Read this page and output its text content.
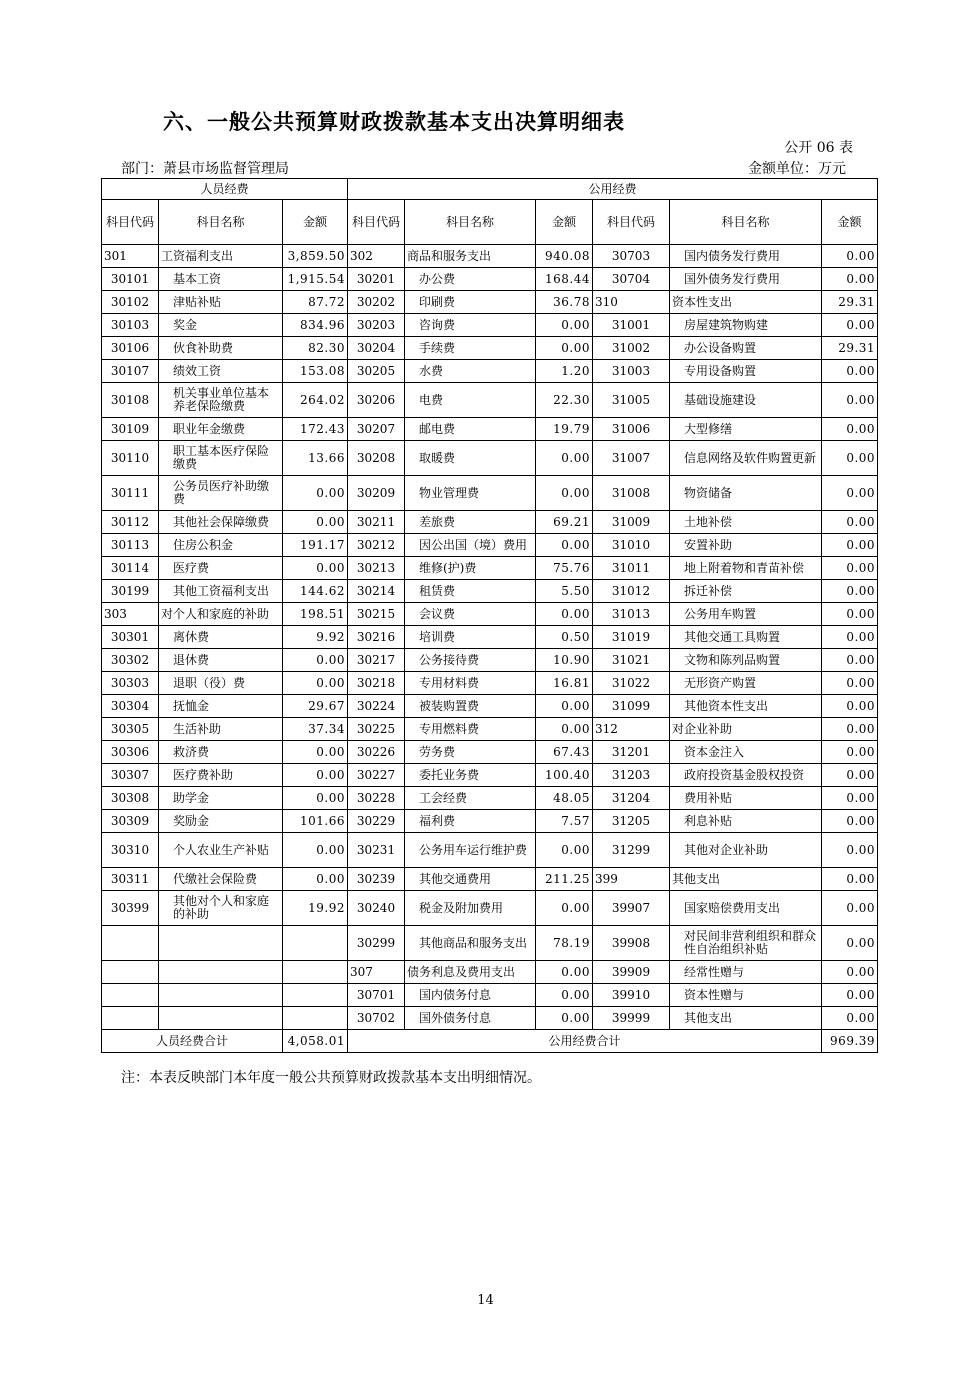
六、一般公共预算财政拨款基本支出决算明细表
公开 06 表
部门：萧县市场监督管理局	金额单位：万元
人员经费			公用经费					
科目代码	科目名称	金额	科目代码	科目名称	金额	科目代码	科目名称	金额
301	工资福利支出	3,859.50	302	商品和服务支出	940.08	30703	国内债务发行费用	0.00
30101	基本工资	1,915.54	30201	办公费	168.44	30704	国外债务发行费用	0.00
30102	津贴补贴	87.72	30202	印刷费	36.78	310	资本性支出	29.31
30103	奖金	834.96	30203	咨询费	0.00	31001	房屋建筑物购建	0.00
30106	伙食补助费	82.30	30204	手续费	0.00	31002	办公设备购置	29.31
30107	绩效工资	153.08	30205	水费	1.20	31003	专用设备购置	0.00
30108	机关事业单位基本养老保险缴费	264.02	30206	电费	22.30	31005	基础设施建设	0.00
30109	职业年金缴费	172.43	30207	邮电费	19.79	31006	大型修缮	0.00
30110	职工基本医疗保险缴费	13.66	30208	取暖费	0.00	31007	信息网络及软件购置更新	0.00
30111	公务员医疗补助缴费	0.00	30209	物业管理费	0.00	31008	物资储备	0.00
30112	其他社会保障缴费	0.00	30211	差旅费	69.21	31009	土地补偿	0.00
30113	住房公积金	191.17	30212	因公出国（境）费用	0.00	31010	安置补助	0.00
30114	医疗费	0.00	30213	维修(护)费	75.76	31011	地上附着物和青苗补偿	0.00
30199	其他工资福利支出	144.62	30214	租赁费	5.50	31012	拆迁补偿	0.00
303	对个人和家庭的补助	198.51	30215	会议费	0.00	31013	公务用车购置	0.00
30301	离休费	9.92	30216	培训费	0.50	31019	其他交通工具购置	0.00
30302	退休费	0.00	30217	公务接待费	10.90	31021	文物和陈列品购置	0.00
30303	退职（役）费	0.00	30218	专用材料费	16.81	31022	无形资产购置	0.00
30304	抚恤金	29.67	30224	被装购置费	0.00	31099	其他资本性支出	0.00
30305	生活补助	37.34	30225	专用燃料费	0.00	312	对企业补助	0.00
30306	救济费	0.00	30226	劳务费	67.43	31201	资本金注入	0.00
30307	医疗费补助	0.00	30227	委托业务费	100.40	31203	政府投资基金股权投资	0.00
30308	助学金	0.00	30228	工会经费	48.05	31204	费用补贴	0.00
30309	奖励金	101.66	30229	福利费	7.57	31205	利息补贴	0.00
30310	个人农业生产补贴	0.00	30231	公务用车运行维护费	0.00	31299	其他对企业补助	0.00
30311	代缴社会保险费	0.00	30239	其他交通费用	211.25	399	其他支出	0.00
30399	其他对个人和家庭的补助	19.92	30240	税金及附加费用	0.00	39907	国家赔偿费用支出	0.00
			30299	其他商品和服务支出	78.19	39908	对民间非营利组织和群众性自治组织补贴	0.00
			307	债务利息及费用支出	0.00	39909	经常性赠与	0.00
			30701	国内债务付息	0.00	39910	资本性赠与	0.00
			30702	国外债务付息	0.00	39999	其他支出	0.00
人员经费合计		4,058.01	公用经费合计					969.39
注：本表反映部门本年度一般公共预算财政拨款基本支出明细情况。
14
